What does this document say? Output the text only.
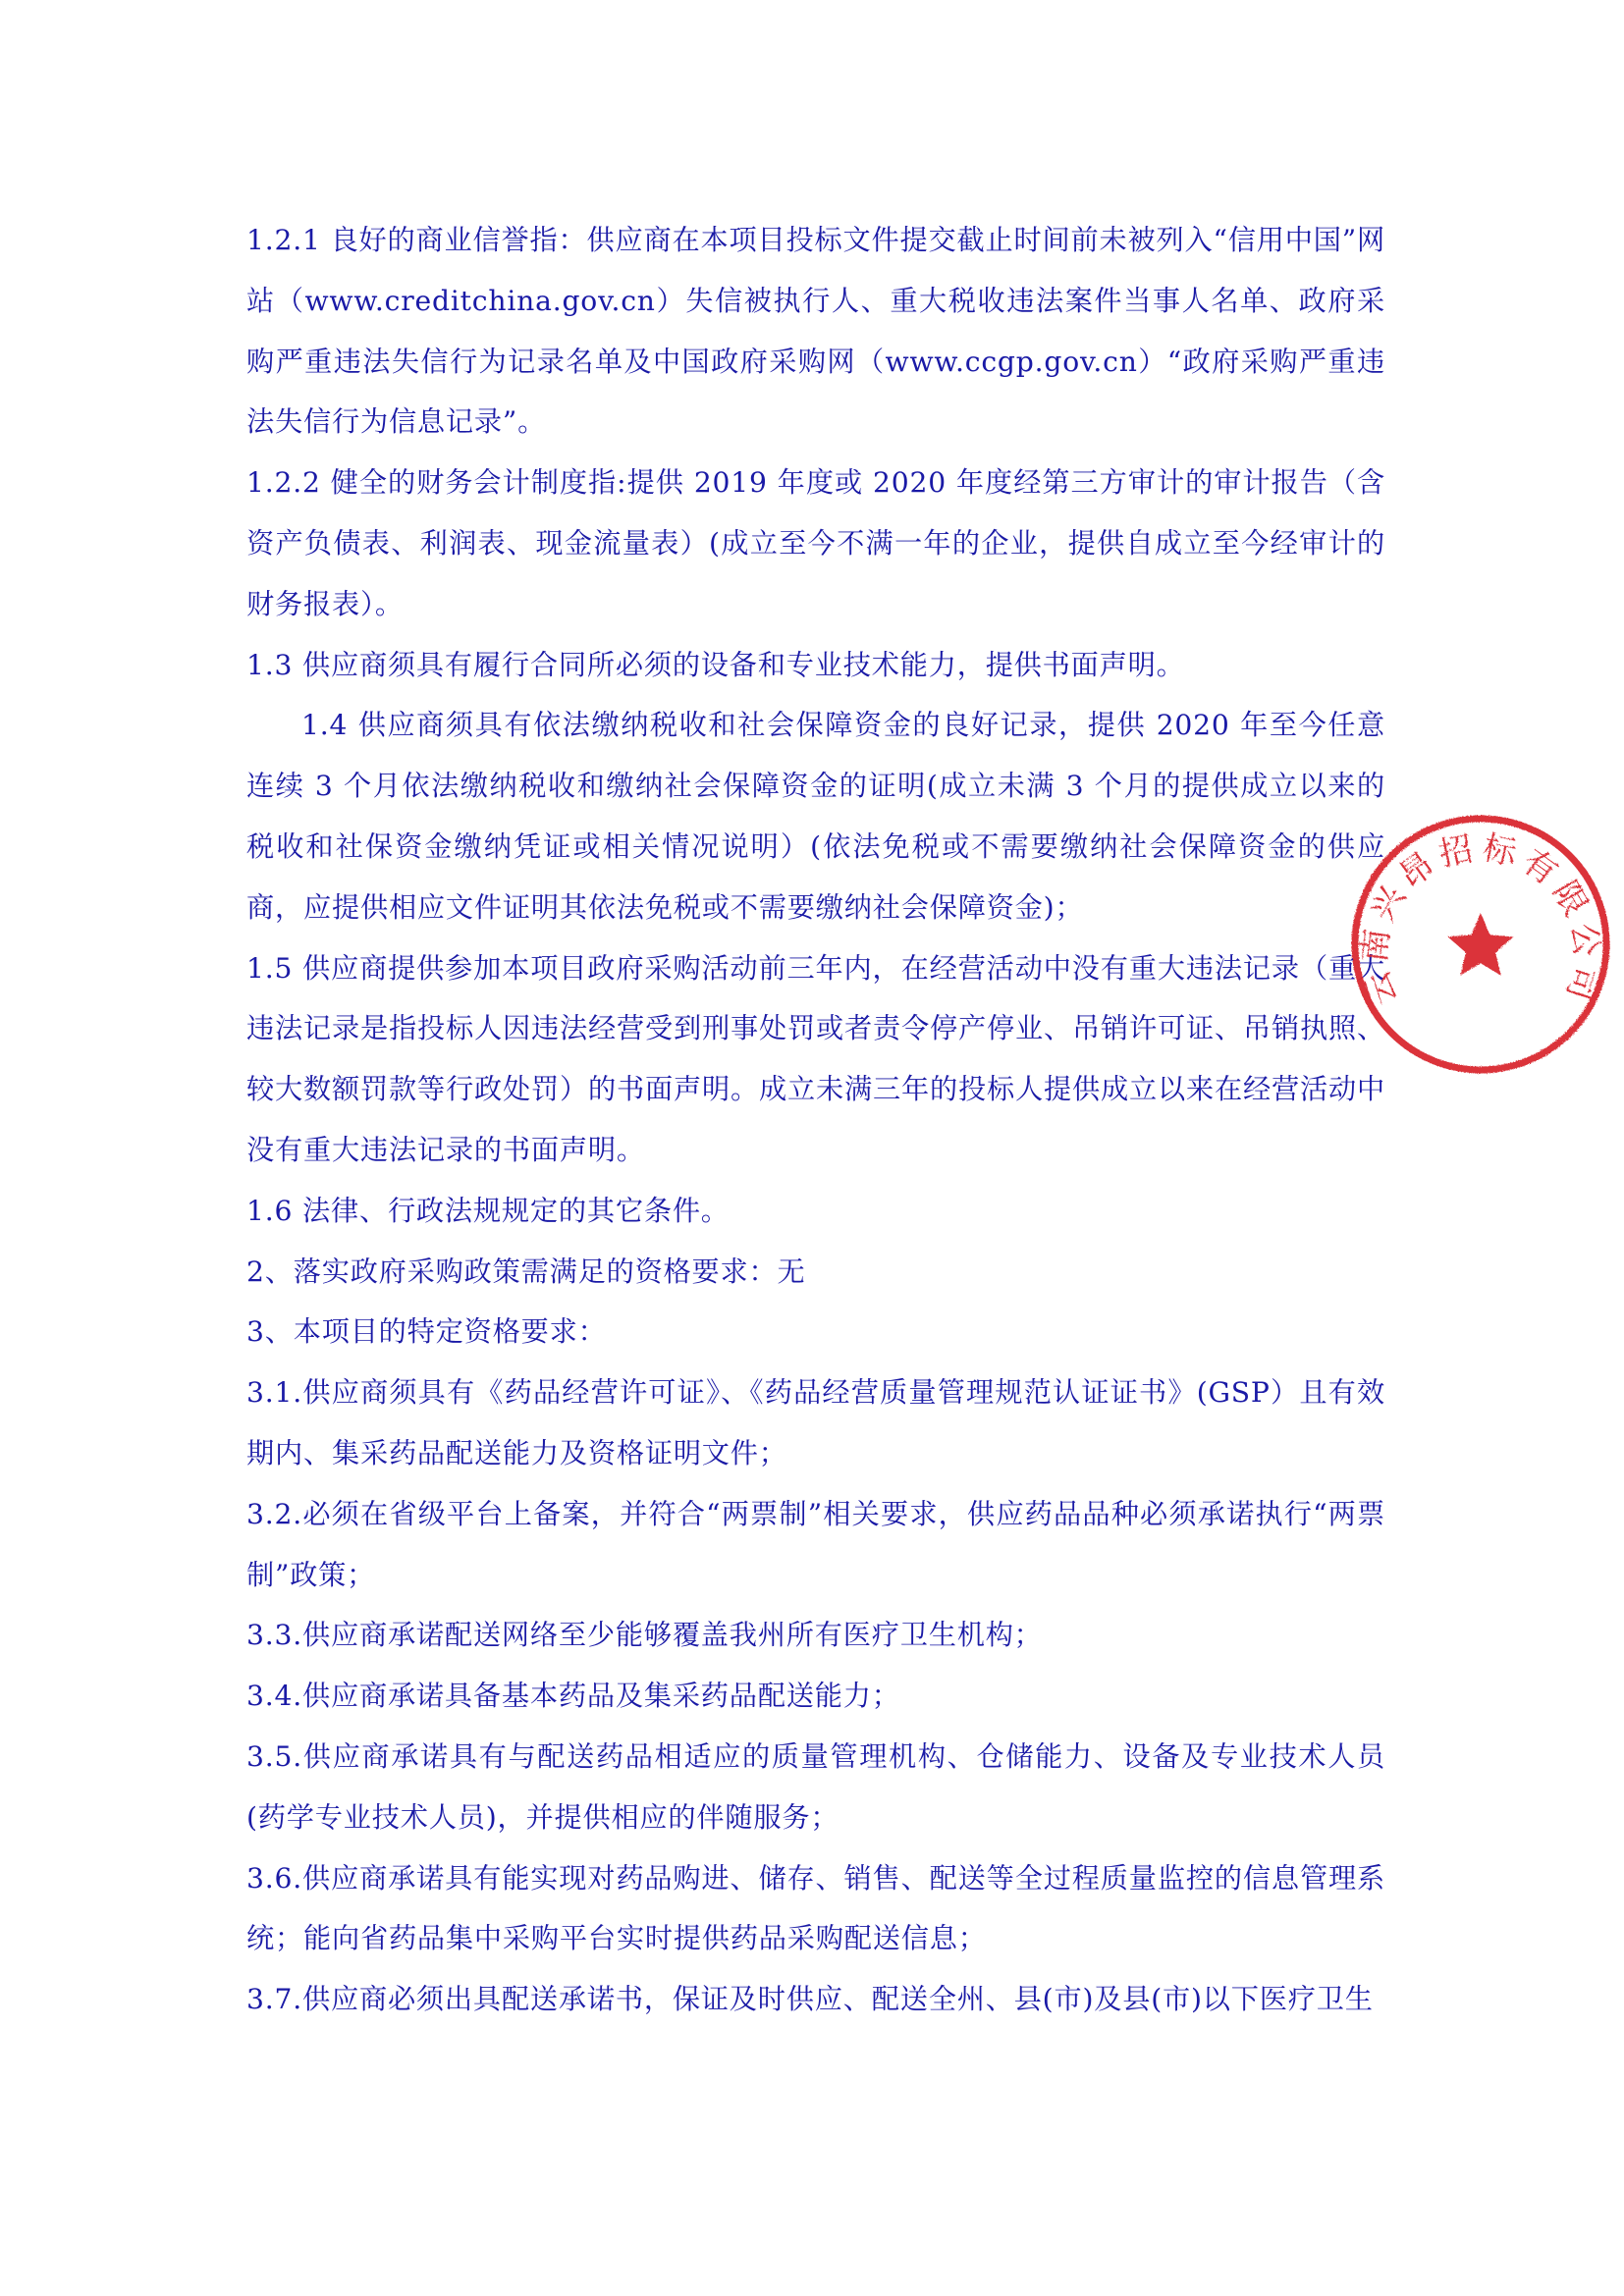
1.2.1 良好的商业信誉指：供应商在本项目投标文件提交截止时间前未被列入“信用中国”网站（www.creditchina.gov.cn）失信被执行人、重大税收违法案件当事人名单、政府采购严重违法失信行为记录名单及中国政府采购网（www.ccgp.gov.cn）“政府采购严重违法失信行为信息记录”。

1.2.2 健全的财务会计制度指:提供 2019 年度或 2020 年度经第三方审计的审计报告（含资产负债表、利润表、现金流量表）(成立至今不满一年的企业，提供自成立至今经审计的财务报表）。

1.3 供应商须具有履行合同所必须的设备和专业技术能力，提供书面声明。

1.4 供应商须具有依法缴纳税收和社会保障资金的良好记录，提供 2020 年至今任意连续 3 个月依法缴纳税收和缴纳社会保障资金的证明(成立未满 3 个月的提供成立以来的税收和社保资金缴纳凭证或相关情况说明）(依法免税或不需要缴纳社会保障资金的供应商，应提供相应文件证明其依法免税或不需要缴纳社会保障资金)；

1.5 供应商提供参加本项目政府采购活动前三年内，在经营活动中没有重大违法记录（重大违法记录是指投标人因违法经营受到刑事处罚或者责令停产停业、吊销许可证、吊销执照、较大数额罚款等行政处罚）的书面声明。成立未满三年的投标人提供成立以来在经营活动中没有重大违法记录的书面声明。

1.6 法律、行政法规规定的其它条件。

2、落实政府采购政策需满足的资格要求：无

3、本项目的特定资格要求：

3.1.供应商须具有《药品经营许可证》、《药品经营质量管理规范认证证书》(GSP）且有效期内、集采药品配送能力及资格证明文件；

3.2.必须在省级平台上备案，并符合“两票制”相关要求，供应药品品种必须承诺执行“两票制”政策；

3.3.供应商承诺配送网络至少能够覆盖我州所有医疗卫生机构；

3.4.供应商承诺具备基本药品及集采药品配送能力；

3.5.供应商承诺具有与配送药品相适应的质量管理机构、仓储能力、设备及专业技术人员(药学专业技术人员)，并提供相应的伴随服务；

3.6.供应商承诺具有能实现对药品购进、储存、销售、配送等全过程质量监控的信息管理系统；能向省药品集中采购平台实时提供药品采购配送信息；

3.7.供应商必须出具配送承诺书，保证及时供应、配送全州、县(市)及县(市)以下医疗卫生

云南兴昂招标有限公司
